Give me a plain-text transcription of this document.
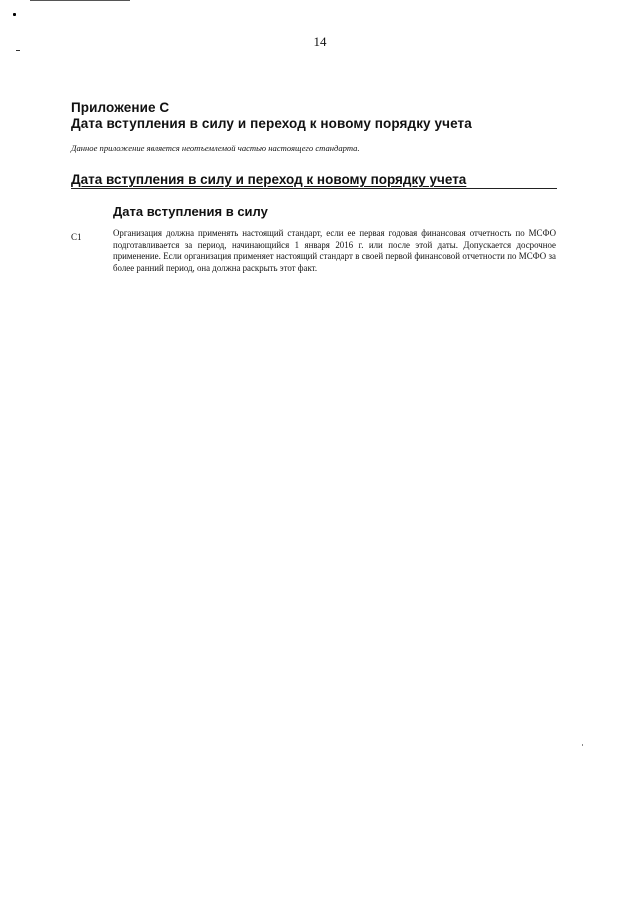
14
Приложение С
Дата вступления в силу и переход к новому порядку учета
Данное приложение является неотъемлемой частью настоящего стандарта.
Дата вступления в силу и переход к новому порядку учета
Дата вступления в силу
С1	Организация должна применять настоящий стандарт, если ее первая годовая финансовая отчетность по МСФО подготавливается за период, начинающийся 1 января 2016 г. или после этой даты. Допускается досрочное применение. Если организация применяет настоящий стандарт в своей первой финансовой отчетности по МСФО за более ранний период, она должна раскрыть этот факт.
